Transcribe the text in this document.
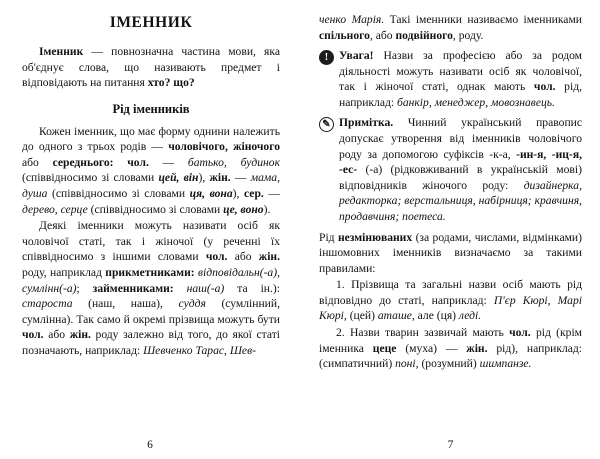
ІМЕННИК

Іменник — повнозначна частина мови, яка об'єднує слова, що називають предмет і відповідають на питання хто? що?

Рід іменників

Кожен іменник, що має форму однини належить до одного з трьох родів — чоловічого, жіночого або середнього: чол. — батько, будинок (співвідносимо зі словами цей, він), жін. — мама, душа (співвідносимо зі словами ця, вона), сер. — дерево, серце (співвідносимо зі словами це, воно).

Деякі іменники можуть називати осіб як чоловічої статі, так і жіночої (у реченні їх співвідносимо з іншими словами чол. або жін. роду, наприклад прикметниками: відповідальн(-а), сумлінн(-а); займенниками: наш(-а) та ін.): староста (наш, наша), суддя (сумлінний, сумлінна). Так само й окремі прізвища можуть бути чол. або жін. роду залежно від того, до якої статі позначають, наприклад: Шевченко Тарас, Шев-

6

ченко Марія. Такі іменники називаємо іменниками спільного, або подвійного, роду.

! Увага! Назви за професією або за родом діяльності можуть називати осіб як чоловічої, так і жіночої статі, однак мають чол. рід, наприклад: банкір, менеджер, мовознавець.
✎ Примітка. Чинний український правопис допускає утворення від іменників чоловічого роду за допомогою суфіксів -к-а, -ин-я, -иц-я, -ес- (-а) (рідковживаний в українській мові) відповідників жіночого роду: дизайнерка, редакторка; верстальниця, набірниця; кравчиня, продавчиня; поетеса.

Рід незмінюваних (за родами, числами, відмінками) іншомовних іменників визначаємо за такими правилами:

1. Прізвища та загальні назви осіб мають рід відповідно до статі, наприклад: П'єр Кюрі, Марі Кюрі, (цей) аташе, але (ця) леді.

2. Назви тварин зазвичай мають чол. рід (крім іменника цеце (муха) — жін. рід), наприклад: (симпатичний) поні, (розумний) шимпанзе.

7
